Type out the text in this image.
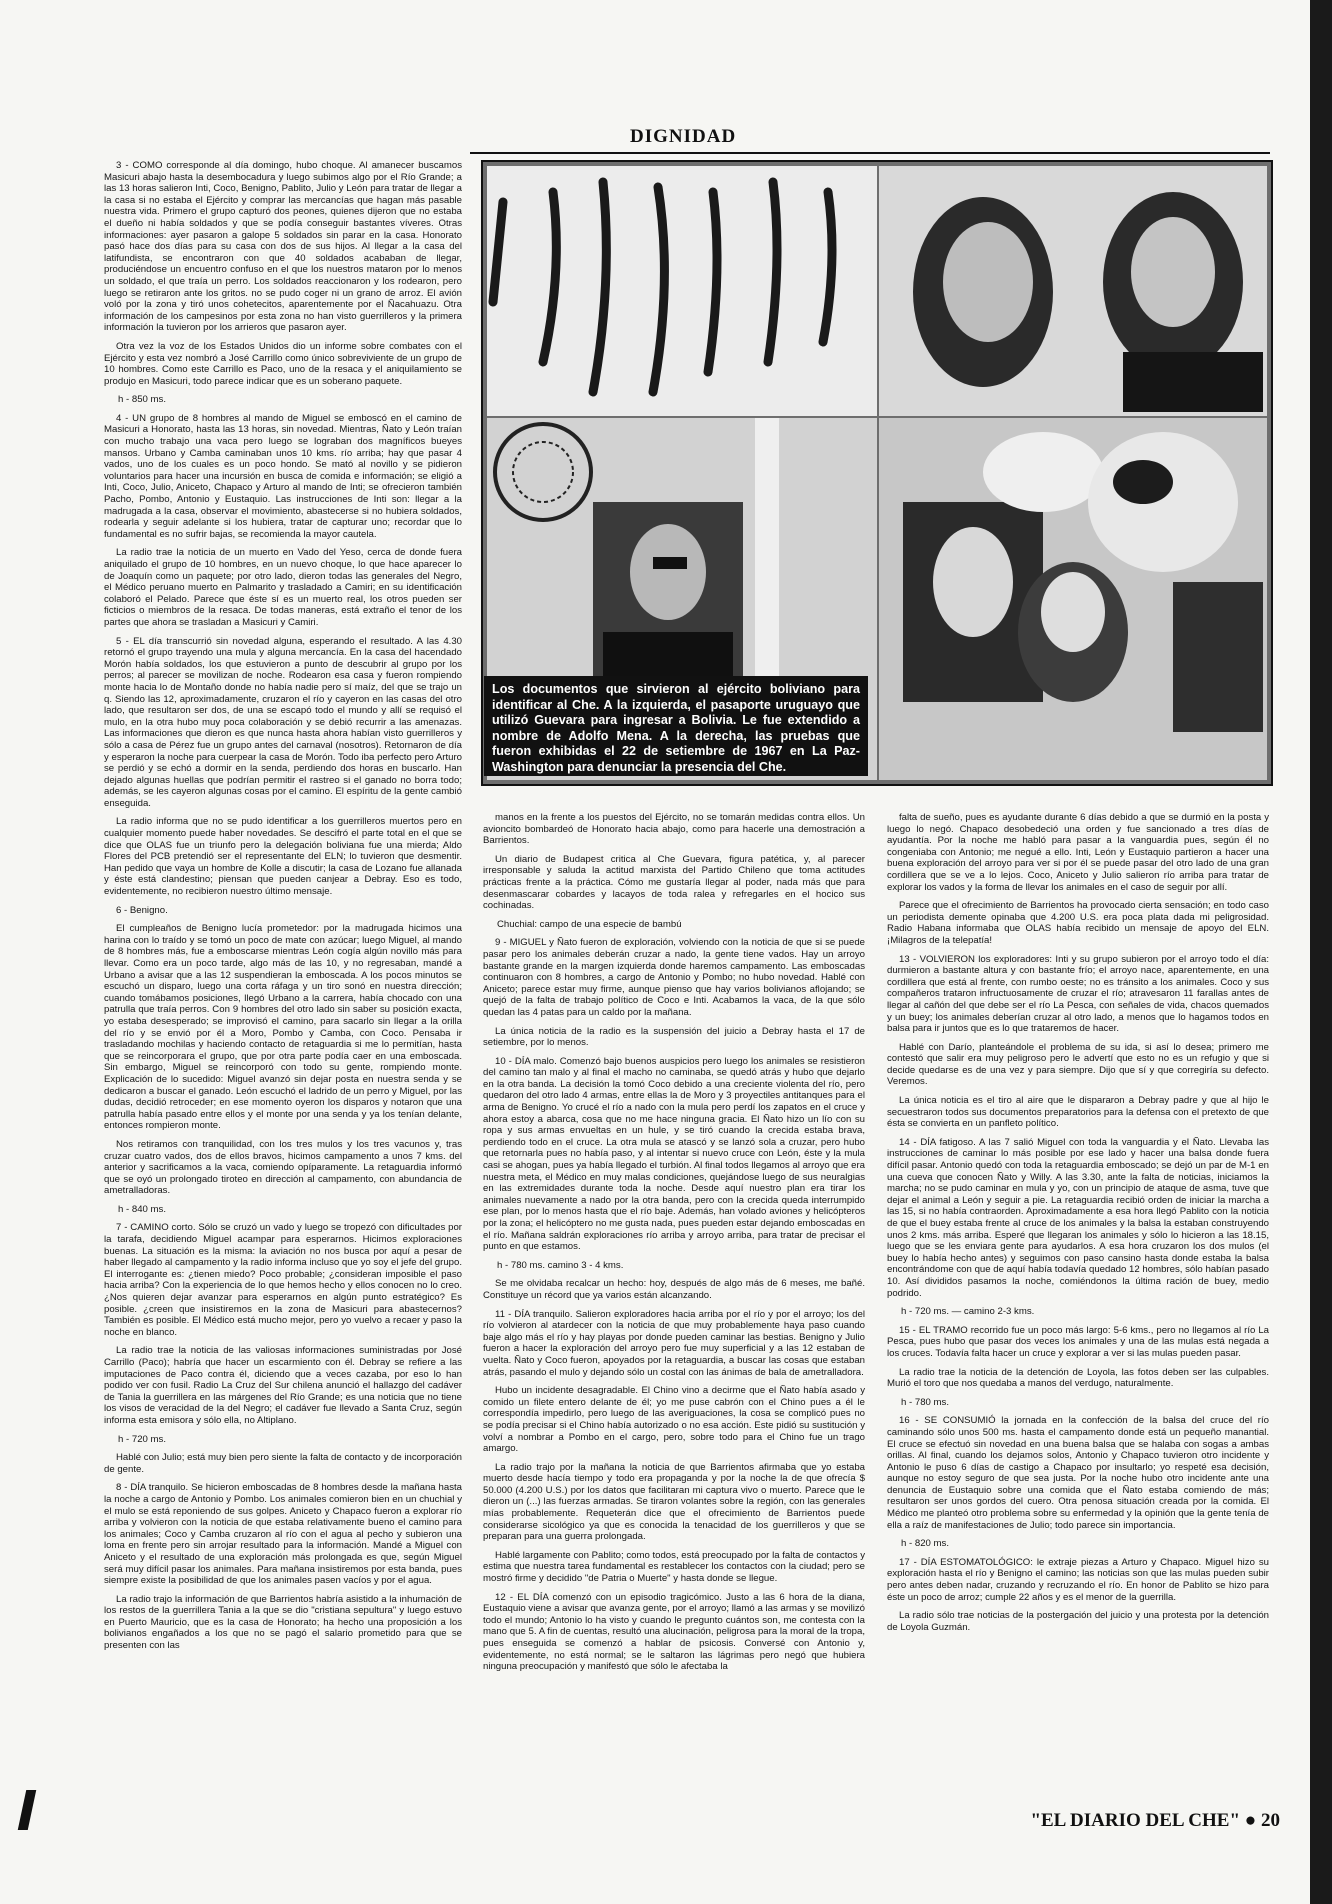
DIGNIDAD

3 - COMO corresponde al día domingo, hubo choque. Al amanecer buscamos Masicuri abajo hasta la desembocadura y luego subimos algo por el Río Grande; a las 13 horas salieron Inti, Coco, Benigno, Pablito, Julio y León para tratar de llegar a la casa si no estaba el Ejército y comprar las mercancías que hagan más pasable nuestra vida. Primero el grupo capturó dos peones, quienes dijeron que no estaba el dueño ni había soldados y que se podía conseguir bastantes víveres. Otras informaciones: ayer pasaron a galope 5 soldados sin parar en la casa. Honorato pasó hace dos días para su casa con dos de sus hijos. Al llegar a la casa del latifundista, se encontraron con que 40 soldados acababan de llegar, produciéndose un encuentro confuso en el que los nuestros mataron por lo menos un soldado, el que traía un perro. Los soldados reaccionaron y los rodearon, pero luego se retiraron ante los gritos. no se pudo coger ni un grano de arroz. El avión voló por la zona y tiró unos cohetecitos, aparentemente por el Ñacahuazu. Otra información de los campesinos por esta zona no han visto guerrilleros y la primera información la tuvieron por los arrieros que pasaron ayer.

Otra vez la voz de los Estados Unidos dio un informe sobre combates con el Ejército y esta vez nombró a José Carrillo como único sobreviviente de un grupo de 10 hombres. Como este Carrillo es Paco, uno de la resaca y el aniquilamiento se produjo en Masicuri, todo parece indicar que es un soberano paquete.

h - 850 ms.

4 - UN grupo de 8 hombres al mando de Miguel se emboscó en el camino de Masicuri a Honorato, hasta las 13 horas, sin novedad. Mientras, Ñato y León traían con mucho trabajo una vaca pero luego se lograban dos magníficos bueyes mansos. Urbano y Camba caminaban unos 10 kms. río arriba; hay que pasar 4 vados, uno de los cuales es un poco hondo. Se mató al novillo y se pidieron voluntarios para hacer una incursión en busca de comida e información; se eligió a Inti, Coco, Julio, Aniceto, Chapaco y Arturo al mando de Inti; se ofrecieron también Pacho, Pombo, Antonio y Eustaquio. Las instrucciones de Inti son: llegar a la madrugada a la casa, observar el movimiento, abastecerse si no hubiera soldados, rodearla y seguir adelante si los hubiera, tratar de capturar uno; recordar que lo fundamental es no sufrir bajas, se recomienda la mayor cautela.

La radio trae la noticia de un muerto en Vado del Yeso, cerca de donde fuera aniquilado el grupo de 10 hombres, en un nuevo choque, lo que hace aparecer lo de Joaquín como un paquete; por otro lado, dieron todas las generales del Negro, el Médico peruano muerto en Palmarito y trasladado a Camiri; en su identificación colaboró el Pelado. Parece que éste sí es un muerto real, los otros pueden ser ficticios o miembros de la resaca. De todas maneras, está extraño el tenor de los partes que ahora se trasladan a Masicuri y Camiri.

5 - EL día transcurrió sin novedad alguna, esperando el resultado. A las 4.30 retornó el grupo trayendo una mula y alguna mercancía. En la casa del hacendado Morón había soldados, los que estuvieron a punto de descubrir al grupo por los perros; al parecer se movilizan de noche. Rodearon esa casa y fueron rompiendo monte hacia lo de Montaño donde no había nadie pero sí maíz, del que se trajo un q. Siendo las 12, aproximadamente, cruzaron el río y cayeron en las casas del otro lado, que resultaron ser dos, de una se escapó todo el mundo y allí se requisó el mulo, en la otra hubo muy poca colaboración y se debió recurrir a las amenazas. Las informaciones que dieron es que nunca hasta ahora habían visto guerrilleros y sólo a casa de Pérez fue un grupo antes del carnaval (nosotros). Retornaron de día y esperaron la noche para cuerpear la casa de Morón. Todo iba perfecto pero Arturo se perdió y se echó a dormir en la senda, perdiendo dos horas en buscarlo. Han dejado algunas huellas que podrían permitir el rastreo si el ganado no borra todo; además, se les cayeron algunas cosas por el camino. El espíritu de la gente cambió enseguida.

La radio informa que no se pudo identificar a los guerrilleros muertos pero en cualquier momento puede haber novedades. Se descifró el parte total en el que se dice que OLAS fue un triunfo pero la delegación boliviana fue una mierda; Aldo Flores del PCB pretendió ser el representante del ELN; lo tuvieron que desmentir. Han pedido que vaya un hombre de Kolle a discutir; la casa de Lozano fue allanada y éste está clandestino; piensan que pueden canjear a Debray. Eso es todo, evidentemente, no recibieron nuestro último mensaje.

6 - Benigno.

El cumpleaños de Benigno lucía prometedor: por la madrugada hicimos una harina con lo traído y se tomó un poco de mate con azúcar; luego Miguel, al mando de 8 hombres más, fue a emboscarse mientras León cogía algún novillo más para llevar. Como era un poco tarde, algo más de las 10, y no regresaban, mandé a Urbano a avisar que a las 12 suspendieran la emboscada. A los pocos minutos se escuchó un disparo, luego una corta ráfaga y un tiro sonó en nuestra dirección; cuando tomábamos posiciones, llegó Urbano a la carrera, había chocado con una patrulla que traía perros. Con 9 hombres del otro lado sin saber su posición exacta, yo estaba desesperado; se improvisó el camino, para sacarlo sin llegar a la orilla del río y se envió por él a Moro, Pombo y Camba, con Coco. Pensaba ir trasladando mochilas y haciendo contacto de retaguardia si me lo permitían, hasta que se reincorporara el grupo, que por otra parte podía caer en una emboscada. Sin embargo, Miguel se reincorporó con todo su gente, rompiendo monte. Explicación de lo sucedido: Miguel avanzó sin dejar posta en nuestra senda y se dedicaron a buscar el ganado. León escuchó el ladrido de un perro y Miguel, por las dudas, decidió retroceder; en ese momento oyeron los disparos y notaron que una patrulla había pasado entre ellos y el monte por una senda y ya los tenían delante, entonces rompieron monte.

Nos retiramos con tranquilidad, con los tres mulos y los tres vacunos y, tras cruzar cuatro vados, dos de ellos bravos, hicimos campamento a unos 7 kms. del anterior y sacrificamos a la vaca, comiendo opíparamente. La retaguardia informó que se oyó un prolongado tiroteo en dirección al campamento, con abundancia de ametralladoras.

h - 840 ms.

7 - CAMINO corto. Sólo se cruzó un vado y luego se tropezó con dificultades por la tarafa, decidiendo Miguel acampar para esperarnos. Hicimos exploraciones buenas. La situación es la misma: la aviación no nos busca por aquí a pesar de haber llegado al campamento y la radio informa incluso que yo soy el jefe del grupo. El interrogante es: ¿tienen miedo? Poco probable; ¿consideran imposible el paso hacia arriba? Con la experiencia de lo que hemos hecho y ellos conocen no lo creo. ¿Nos quieren dejar avanzar para esperarnos en algún punto estratégico? Es posible. ¿creen que insistiremos en la zona de Masicuri para abastecernos? También es posible. El Médico está mucho mejor, pero yo vuelvo a recaer y paso la noche en blanco.

La radio trae la noticia de las valiosas informaciones suministradas por José Carrillo (Paco); habría que hacer un escarmiento con él. Debray se refiere a las imputaciones de Paco contra él, diciendo que a veces cazaba, por eso lo han podido ver con fusil. Radio La Cruz del Sur chilena anunció el hallazgo del cadáver de Tania la guerrillera en las márgenes del Río Grande; es una noticia que no tiene los visos de veracidad de la del Negro; el cadáver fue llevado a Santa Cruz, según informa esta emisora y sólo ella, no Altiplano.

h - 720 ms.

Hablé con Julio; está muy bien pero siente la falta de contacto y de incorporación de gente.

8 - DÍA tranquilo. Se hicieron emboscadas de 8 hombres desde la mañana hasta la noche a cargo de Antonio y Pombo. Los animales comieron bien en un chuchial y el mulo se está reponiendo de sus golpes. Aniceto y Chapaco fueron a explorar río arriba y volvieron con la noticia de que estaba relativamente bueno el camino para los animales; Coco y Camba cruzaron al río con el agua al pecho y subieron una loma en frente pero sin arrojar resultado para la información. Mandé a Miguel con Aniceto y el resultado de una exploración más prolongada es que, según Miguel será muy difícil pasar los animales. Para mañana insistiremos por esta banda, pues siempre existe la posibilidad de que los animales pasen vacíos y por el agua.

La radio trajo la información de que Barrientos habría asistido a la inhumación de los restos de la guerrillera Tania a la que se dio "cristiana sepultura" y luego estuvo en Puerto Mauricio, que es la casa de Honorato; ha hecho una proposición a los bolivianos engañados a los que no se pagó el salario prometido para que se presenten con las

Los documentos que sirvieron al ejército boliviano para identificar al Che. A la izquierda, el pasaporte uruguayo que utilizó Guevara para ingresar a Bolivia. Le fue extendido a nombre de Adolfo Mena. A la derecha, las pruebas que fueron exhibidas el 22 de setiembre de 1967 en La Paz-Washington para denunciar la presencia del Che.

manos en la frente a los puestos del Ejército, no se tomarán medidas contra ellos. Un avioncito bombardeó de Honorato hacia abajo, como para hacerle una demostración a Barrientos.

Un diario de Budapest critica al Che Guevara, figura patética, y, al parecer irresponsable y saluda la actitud marxista del Partido Chileno que toma actitudes prácticas frente a la práctica. Cómo me gustaría llegar al poder, nada más que para desenmascarar cobardes y lacayos de toda ralea y refregarles en el hocico sus cochinadas.

Chuchial: campo de una especie de bambú

9 - MIGUEL y Ñato fueron de exploración, volviendo con la noticia de que si se puede pasar pero los animales deberán cruzar a nado, la gente tiene vados. Hay un arroyo bastante grande en la margen izquierda donde haremos campamento. Las emboscadas continuaron con 8 hombres, a cargo de Antonio y Pombo; no hubo novedad. Hablé con Aniceto; parece estar muy firme, aunque pienso que hay varios bolivianos aflojando; se quejó de la falta de trabajo político de Coco e Inti. Acabamos la vaca, de la que sólo quedan las 4 patas para un caldo por la mañana.

La única noticia de la radio es la suspensión del juicio a Debray hasta el 17 de setiembre, por lo menos.

10 - DÍA malo. Comenzó bajo buenos auspicios pero luego los animales se resistieron del camino tan malo y al final el macho no caminaba, se quedó atrás y hubo que dejarlo en la otra banda. La decisión la tomó Coco debido a una creciente violenta del río, pero quedaron del otro lado 4 armas, entre ellas la de Moro y 3 proyectiles antitanques para el arma de Benigno. Yo crucé el río a nado con la mula pero perdí los zapatos en el cruce y ahora estoy a abarca, cosa que no me hace ninguna gracia. El Ñato hizo un lío con su ropa y sus armas envueltas en un hule, y se tiró cuando la crecida estaba brava, perdiendo todo en el cruce. La otra mula se atascó y se lanzó sola a cruzar, pero hubo que retornarla pues no había paso, y al intentar si nuevo cruce con León, éste y la mula casi se ahogan, pues ya había llegado el turbión. Al final todos llegamos al arroyo que era nuestra meta, el Médico en muy malas condiciones, quejándose luego de sus neuralgias en las extremidades durante toda la noche. Desde aquí nuestro plan era tirar los animales nuevamente a nado por la otra banda, pero con la crecida queda interrumpido ese plan, por lo menos hasta que el río baje. Además, han volado aviones y helicópteros por la zona; el helicóptero no me gusta nada, pues pueden estar dejando emboscadas en el río. Mañana saldrán exploraciones río arriba y arroyo arriba, para tratar de precisar el punto en que estamos.

h - 780 ms. camino 3 - 4 kms.

Se me olvidaba recalcar un hecho: hoy, después de algo más de 6 meses, me bañé. Constituye un récord que ya varios están alcanzando.

11 - DÍA tranquilo. Salieron exploradores hacia arriba por el río y por el arroyo; los del río volvieron al atardecer con la noticia de que muy probablemente haya paso cuando baje algo más el río y hay playas por donde pueden caminar las bestias. Benigno y Julio fueron a hacer la exploración del arroyo pero fue muy superficial y a las 12 estaban de vuelta. Ñato y Coco fueron, apoyados por la retaguardia, a buscar las cosas que estaban atrás, pasando el mulo y dejando sólo un costal con las ánimas de bala de ametralladora.

Hubo un incidente desagradable. El Chino vino a decirme que el Ñato había asado y comido un filete entero delante de él; yo me puse cabrón con el Chino pues a él le correspondía impedirlo, pero luego de las averiguaciones, la cosa se complicó pues no se podía precisar si el Chino había autorizado o no esa acción. Este pidió su sustitución y volví a nombrar a Pombo en el cargo, pero, sobre todo para el Chino fue un trago amargo.

La radio trajo por la mañana la noticia de que Barrientos afirmaba que yo estaba muerto desde hacía tiempo y todo era propaganda y por la noche la de que ofrecía $ 50.000 (4.200 U.S.) por los datos que facilitaran mi captura vivo o muerto. Parece que le dieron un (...) las fuerzas armadas. Se tiraron volantes sobre la región, con las generales mías probablemente. Requeterán dice que el ofrecimiento de Barrientos puede considerarse sicológico ya que es conocida la tenacidad de los guerrilleros y que se preparan para una guerra prolongada.

Hablé largamente con Pablito; como todos, está preocupado por la falta de contactos y estima que nuestra tarea fundamental es restablecer los contactos con la ciudad; pero se mostró firme y decidido "de Patria o Muerte" y hasta donde se llegue.

12 - EL DÍA comenzó con un episodio tragicómico. Justo a las 6 hora de la diana, Eustaquio viene a avisar que avanza gente, por el arroyo; llamó a las armas y se movilizó todo el mundo; Antonio lo ha visto y cuando le pregunto cuántos son, me contesta con la mano que 5. A fin de cuentas, resultó una alucinación, peligrosa para la moral de la tropa, pues enseguida se comenzó a hablar de psicosis. Conversé con Antonio y, evidentemente, no está normal; se le saltaron las lágrimas pero negó que hubiera ninguna preocupación y manifestó que sólo le afectaba la

falta de sueño, pues es ayudante durante 6 días debido a que se durmió en la posta y luego lo negó. Chapaco desobedeció una orden y fue sancionado a tres días de ayudantía. Por la noche me habló para pasar a la vanguardia pues, según él no congeniaba con Antonio; me negué a ello. Inti, León y Eustaquio partieron a hacer una buena exploración del arroyo para ver si por él se puede pasar del otro lado de una gran cordillera que se ve a lo lejos. Coco, Aniceto y Julio salieron río arriba para tratar de explorar los vados y la forma de llevar los animales en el caso de seguir por allí.

Parece que el ofrecimiento de Barrientos ha provocado cierta sensación; en todo caso un periodista demente opinaba que 4.200 U.S. era poca plata dada mi peligrosidad. Radio Habana informaba que OLAS había recibido un mensaje de apoyo del ELN. ¡Milagros de la telepatía!

13 - VOLVIERON los exploradores: Inti y su grupo subieron por el arroyo todo el día: durmieron a bastante altura y con bastante frío; el arroyo nace, aparentemente, en una cordillera que está al frente, con rumbo oeste; no es tránsito a los animales. Coco y sus compañeros trataron infructuosamente de cruzar el río; atravesaron 11 farallas antes de llegar al cañón del que debe ser el río La Pesca, con señales de vida, chacos quemados y un buey; los animales deberían cruzar al otro lado, a menos que lo hagamos todos en balsa para ir juntos que es lo que trataremos de hacer.

Hablé con Darío, planteándole el problema de su ida, si así lo desea; primero me contestó que salir era muy peligroso pero le advertí que esto no es un refugio y que si decide quedarse es de una vez y para siempre. Dijo que sí y que corregiría su defecto. Veremos.

La única noticia es el tiro al aire que le dispararon a Debray padre y que al hijo le secuestraron todos sus documentos preparatorios para la defensa con el pretexto de que ésta se convierta en un panfleto político.

14 - DÍA fatigoso. A las 7 salió Miguel con toda la vanguardia y el Ñato. Llevaba las instrucciones de caminar lo más posible por ese lado y hacer una balsa donde fuera difícil pasar. Antonio quedó con toda la retaguardia emboscado; se dejó un par de M-1 en una cueva que conocen Ñato y Willy. A las 3.30, ante la falta de noticias, iniciamos la marcha; no se pudo caminar en mula y yo, con un principio de ataque de asma, tuve que dejar el animal a León y seguir a pie. La retaguardia recibió orden de iniciar la marcha a las 15, si no había contraorden. Aproximadamente a esa hora llegó Pablito con la noticia de que el buey estaba frente al cruce de los animales y la balsa la estaban construyendo unos 2 kms. más arriba. Esperé que llegaran los animales y sólo lo hicieron a las 18.15, luego que se les enviara gente para ayudarlos. A esa hora cruzaron los dos mulos (el buey lo había hecho antes) y seguimos con paso cansino hasta donde estaba la balsa encontrándome con que de aquí había todavía quedado 12 hombres, sólo habían pasado 10. Así divididos pasamos la noche, comiéndonos la última ración de buey, medio podrido.

h - 720 ms. — camino 2-3 kms.

15 - EL TRAMO recorrido fue un poco más largo: 5-6 kms., pero no llegamos al río La Pesca, pues hubo que pasar dos veces los animales y una de las mulas está negada a los cruces. Todavía falta hacer un cruce y explorar a ver si las mulas pueden pasar.

La radio trae la noticia de la detención de Loyola, las fotos deben ser las culpables. Murió el toro que nos quedaba a manos del verdugo, naturalmente.

h - 780 ms.

16 - SE CONSUMIÓ la jornada en la confección de la balsa del cruce del río caminando sólo unos 500 ms. hasta el campamento donde está un pequeño manantial. El cruce se efectuó sin novedad en una buena balsa que se halaba con sogas a ambas orillas. Al final, cuando los dejamos solos, Antonio y Chapaco tuvieron otro incidente y Antonio le puso 6 días de castigo a Chapaco por insultarlo; yo respeté esa decisión, aunque no estoy seguro de que sea justa. Por la noche hubo otro incidente ante una denuncia de Eustaquio sobre una comida que el Ñato estaba comiendo de más; resultaron ser unos gordos del cuero. Otra penosa situación creada por la comida. El Médico me planteó otro problema sobre su enfermedad y la opinión que la gente tenía de ella a raíz de manifestaciones de Julio; todo parece sin importancia.

h - 820 ms.

17 - DÍA ESTOMATOLÓGICO: le extraje piezas a Arturo y Chapaco. Miguel hizo su exploración hasta el río y Benigno el camino; las noticias son que las mulas pueden subir pero antes deben nadar, cruzando y recruzando el río. En honor de Pablito se hizo para éste un poco de arroz; cumple 22 años y es el menor de la guerrilla.

La radio sólo trae noticias de la postergación del juicio y una protesta por la detención de Loyola Guzmán.

"EL DIARIO DEL CHE" ● 20
